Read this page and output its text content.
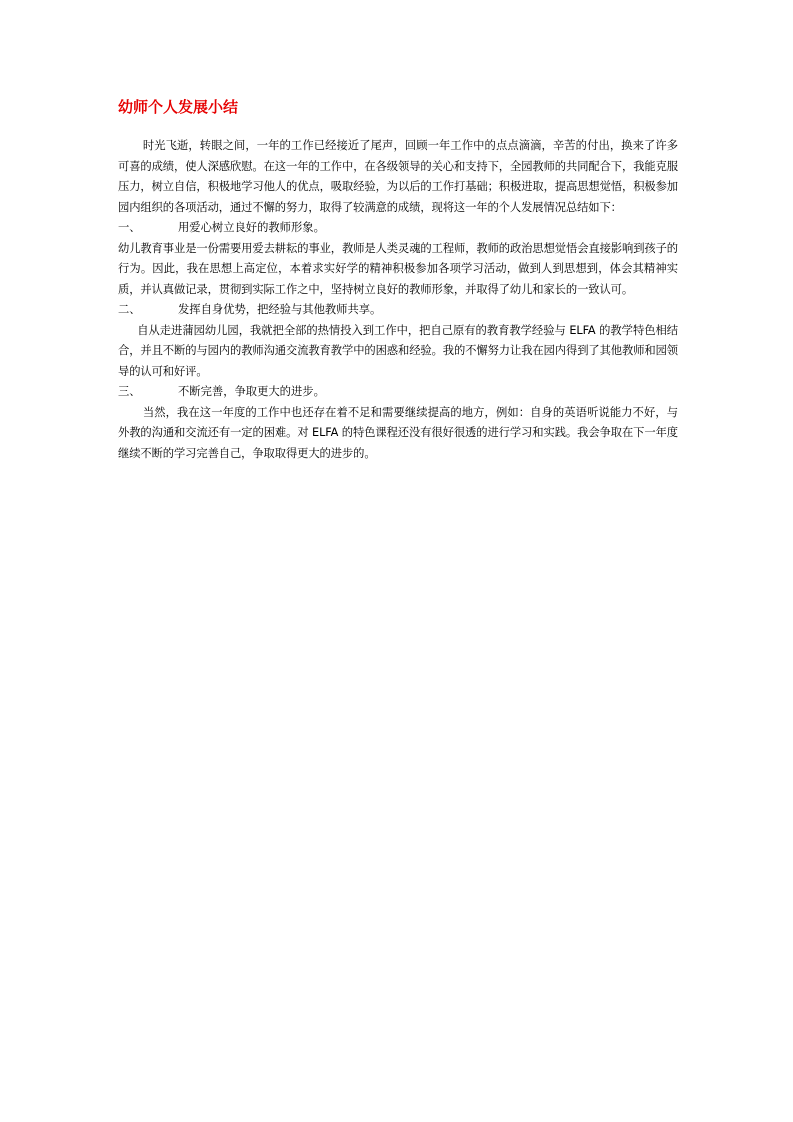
幼师个人发展小结

时光飞逝，转眼之间，一年的工作已经接近了尾声，回顾一年工作中的点点滴滴，辛苦的付出，换来了许多可喜的成绩，使人深感欣慰。在这一年的工作中，在各级领导的关心和支持下，全园教师的共同配合下，我能克服压力，树立自信，积极地学习他人的优点，吸取经验，为以后的工作打基础；积极进取，提高思想觉悟，积极参加园内组织的各项活动，通过不懈的努力，取得了较满意的成绩，现将这一年的个人发展情况总结如下：

一、	用爱心树立良好的教师形象。

幼儿教育事业是一份需要用爱去耕耘的事业，教师是人类灵魂的工程师，教师的政治思想觉悟会直接影响到孩子的行为。因此，我在思想上高定位，本着求实好学的精神积极参加各项学习活动，做到人到思想到，体会其精神实质，并认真做记录，贯彻到实际工作之中，坚持树立良好的教师形象，并取得了幼儿和家长的一致认可。

二、	发挥自身优势，把经验与其他教师共享。

自从走进蒲园幼儿园，我就把全部的热情投入到工作中，把自己原有的教育教学经验与 ELFA 的教学特色相结合，并且不断的与园内的教师沟通交流教育教学中的困惑和经验。我的不懈努力让我在园内得到了其他教师和园领导的认可和好评。

三、	不断完善，争取更大的进步。

当然，我在这一年度的工作中也还存在着不足和需要继续提高的地方，例如：自身的英语听说能力不好，与外教的沟通和交流还有一定的困难。对 ELFA 的特色课程还没有很好很透的进行学习和实践。我会争取在下一年度继续不断的学习完善自己，争取取得更大的进步的。
